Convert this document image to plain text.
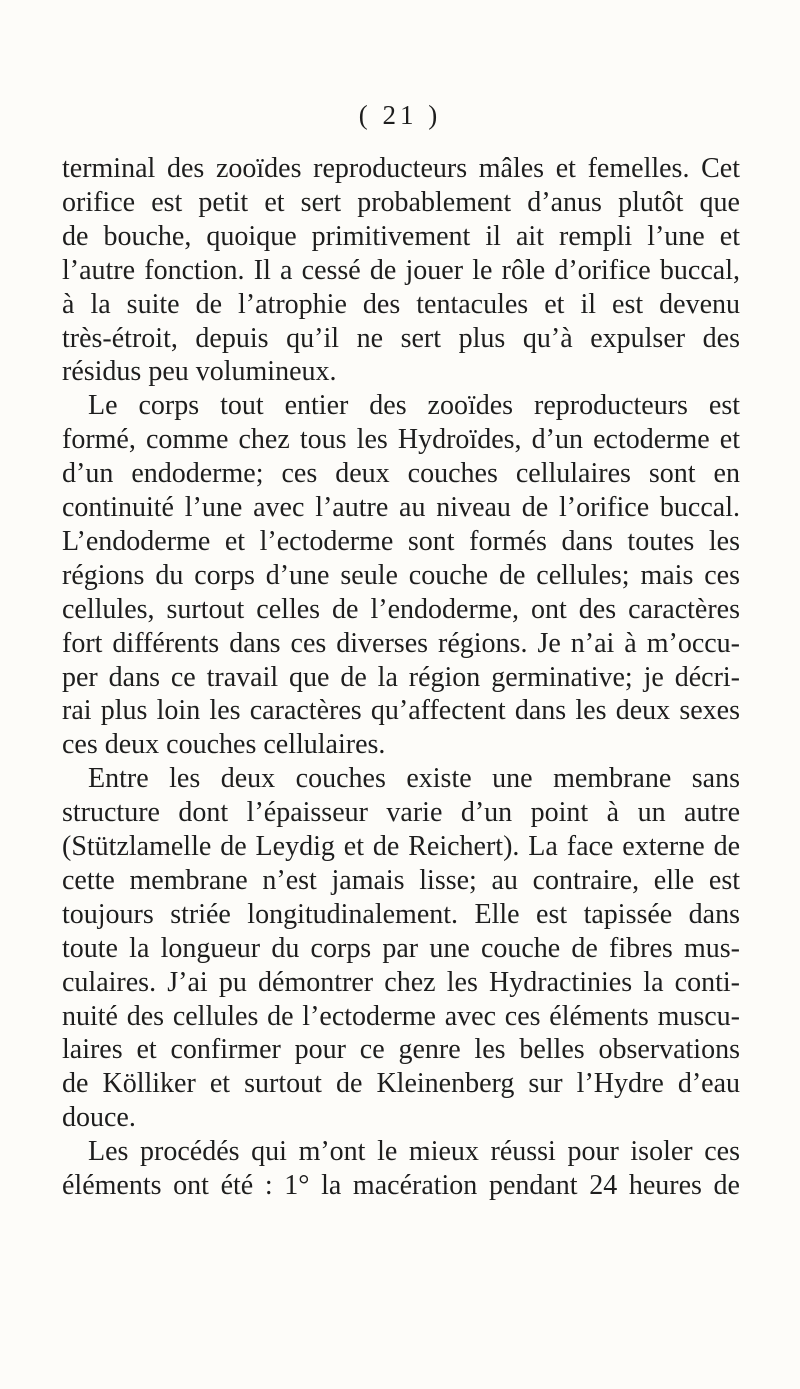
( 21 )
terminal des zooïdes reproducteurs mâles et femelles. Cet
orifice est petit et sert probablement d’anus plutôt que
de bouche, quoique primitivement il ait rempli l’une et
l’autre fonction. Il a cessé de jouer le rôle d’orifice buccal,
à la suite de l’atrophie des tentacules et il est devenu
très-étroit, depuis qu’il ne sert plus qu’à expulser des
résidus peu volumineux.
Le corps tout entier des zooïdes reproducteurs est
formé, comme chez tous les Hydroïdes, d’un ectoderme et
d’un endoderme; ces deux couches cellulaires sont en
continuité l’une avec l’autre au niveau de l’orifice buccal.
L’endoderme et l’ectoderme sont formés dans toutes les
régions du corps d’une seule couche de cellules; mais ces
cellules, surtout celles de l’endoderme, ont des caractères
fort différents dans ces diverses régions. Je n’ai à m’occu-
per dans ce travail que de la région germinative; je décri-
rai plus loin les caractères qu’affectent dans les deux sexes
ces deux couches cellulaires.
Entre les deux couches existe une membrane sans
structure dont l’épaisseur varie d’un point à un autre
(Stützlamelle de Leydig et de Reichert). La face externe de
cette membrane n’est jamais lisse; au contraire, elle est
toujours striée longitudinalement. Elle est tapissée dans
toute la longueur du corps par une couche de fibres mus-
culaires. J’ai pu démontrer chez les Hydractinies la conti-
nuité des cellules de l’ectoderme avec ces éléments muscu-
laires et confirmer pour ce genre les belles observations
de Kölliker et surtout de Kleinenberg sur l’Hydre d’eau
douce.
Les procédés qui m’ont le mieux réussi pour isoler ces
éléments ont été : 1° la macération pendant 24 heures de
